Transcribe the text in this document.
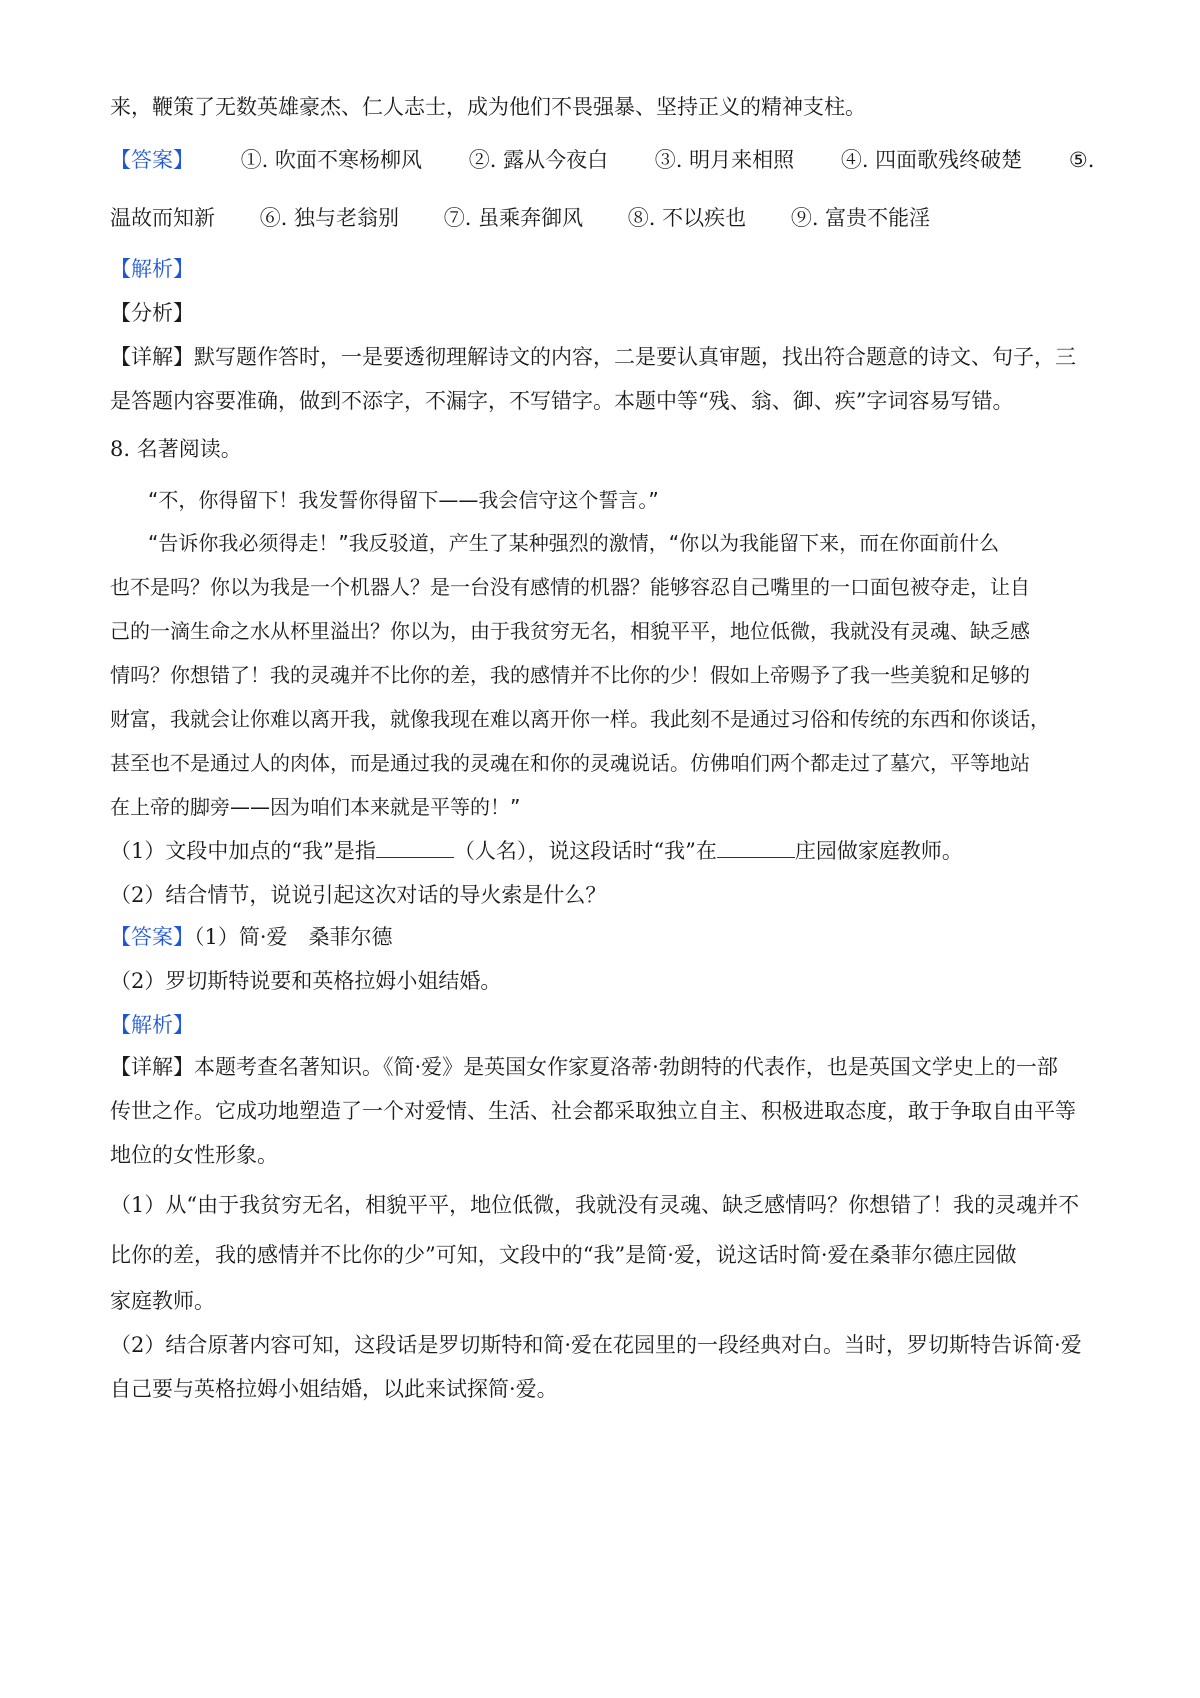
来，鞭策了无数英雄豪杰、仁人志士，成为他们不畏强暴、坚持正义的精神支柱。
【答案】 ①. 吹面不寒杨柳风 ②. 露从今夜白 ③. 明月来相照 ④. 四面歌残终破楚 ⑤.
温故而知新 ⑥. 独与老翁别 ⑦. 虽乘奔御风 ⑧. 不以疾也 ⑨. 富贵不能淫
【解析】
【分析】
【详解】默写题作答时，一是要透彻理解诗文的内容，二是要认真审题，找出符合题意的诗文、句子，三
是答题内容要准确，做到不添字，不漏字，不写错字。本题中等“残、翁、御、疾”字词容易写错。
8. 名著阅读。
“不，你得留下！我发誓你得留下——我会信守这个誓言。”
“告诉你我必须得走！”我反驳道，产生了某种强烈的激情，“你以为我能留下来，而在你面前什么
也不是吗？你以为我是一个机器人？是一台没有感情的机器？能够容忍自己嘴里的一口面包被夺走，让自
己的一滴生命之水从杯里溢出？你以为，由于我贫穷无名，相貌平平，地位低微，我就没有灵魂、缺乏感
情吗？你想错了！我的灵魂并不比你的差，我的感情并不比你的少！假如上帝赐予了我一些美貌和足够的
财富，我就会让你难以离开我，就像我现在难以离开你一样。我此刻不是通过习俗和传统的东西和你谈话，
甚至也不是通过人的肉体，而是通过我的灵魂在和你的灵魂说话。仿佛咱们两个都走过了墓穴，平等地站
在上帝的脚旁——因为咱们本来就是平等的！”
（1）文段中加点的“我”是指	（人名），说这段话时“我”在	庄园做家庭教师。
（2）结合情节，说说引起这次对话的导火索是什么？
【答案】（1）简·爱　桑菲尔德
（2）罗切斯特说要和英格拉姆小姐结婚。
【解析】
【详解】本题考查名著知识。《简·爱》是英国女作家夏洛蒂·勃朗特的代表作，也是英国文学史上的一部
传世之作。它成功地塑造了一个对爱情、生活、社会都采取独立自主、积极进取态度，敢于争取自由平等
地位的女性形象。
（1）从“由于我贫穷无名，相貌平平，地位低微，我就没有灵魂、缺乏感情吗？你想错了！我的灵魂并不
比你的差，我的感情并不比你的少”可知，文段中的“我”是简·爱，说这话时简·爱在桑菲尔德庄园做
家庭教师。
（2）结合原著内容可知，这段话是罗切斯特和简·爱在花园里的一段经典对白。当时，罗切斯特告诉简·爱
自己要与英格拉姆小姐结婚，以此来试探简·爱。
